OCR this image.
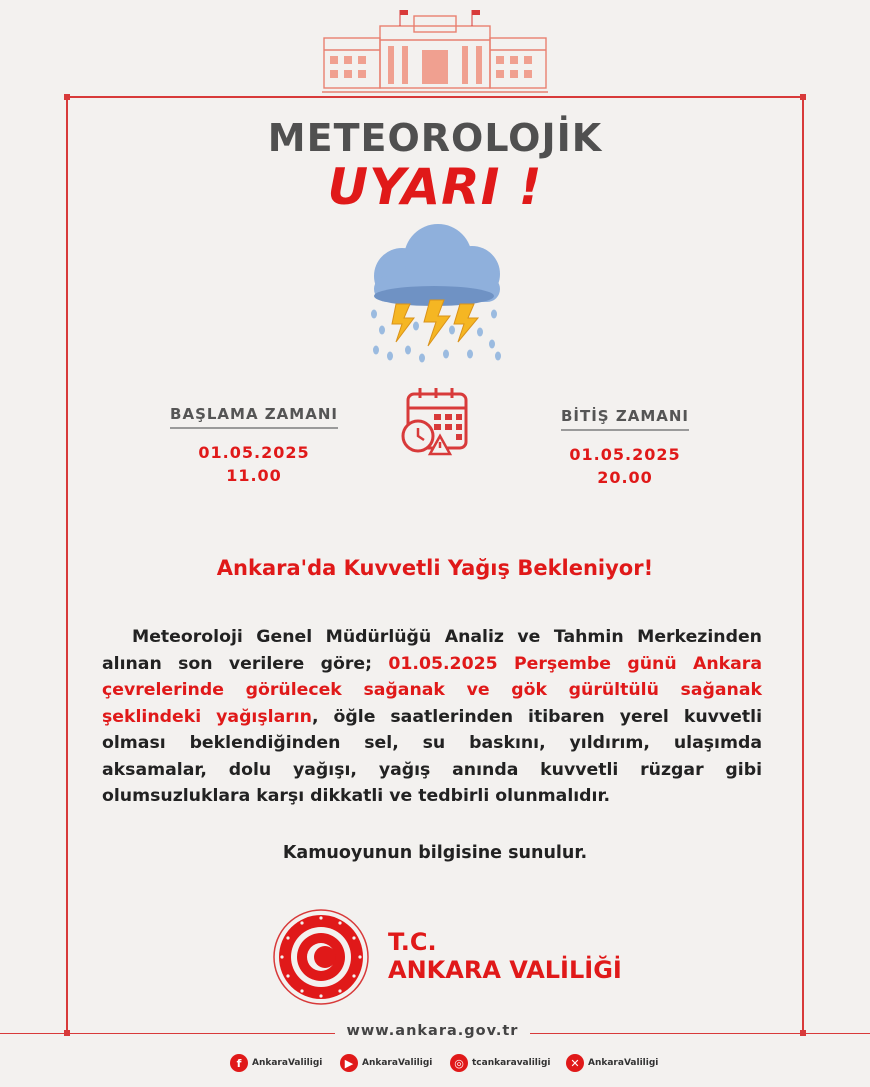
METEOROLOJİK
UYARI !
BAŞLAMA ZAMANI
01.05.2025
11.00
BİTİŞ ZAMANI
01.05.2025
20.00
Ankara'da Kuvvetli Yağış Bekleniyor!
Meteoroloji Genel Müdürlüğü Analiz ve Tahmin Merkezinden alınan son verilere göre; 01.05.2025 Perşembe günü Ankara çevrelerinde görülecek sağanak ve gök gürültülü sağanak şeklindeki yağışların, öğle saatlerinden itibaren yerel kuvvetli olması beklendiğinden sel, su baskını, yıldırım, ulaşımda aksamalar, dolu yağışı, yağış anında kuvvetli rüzgar gibi olumsuzluklara karşı dikkatli ve tedbirli olunmalıdır.
Kamuoyunun bilgisine sunulur.
T.C.
ANKARA VALİLİĞİ
www.ankara.gov.tr
f	AnkaraValiligi	▶ AnkaraValiligi	◎ tcankaravaliligi	✕ AnkaraValiligi
